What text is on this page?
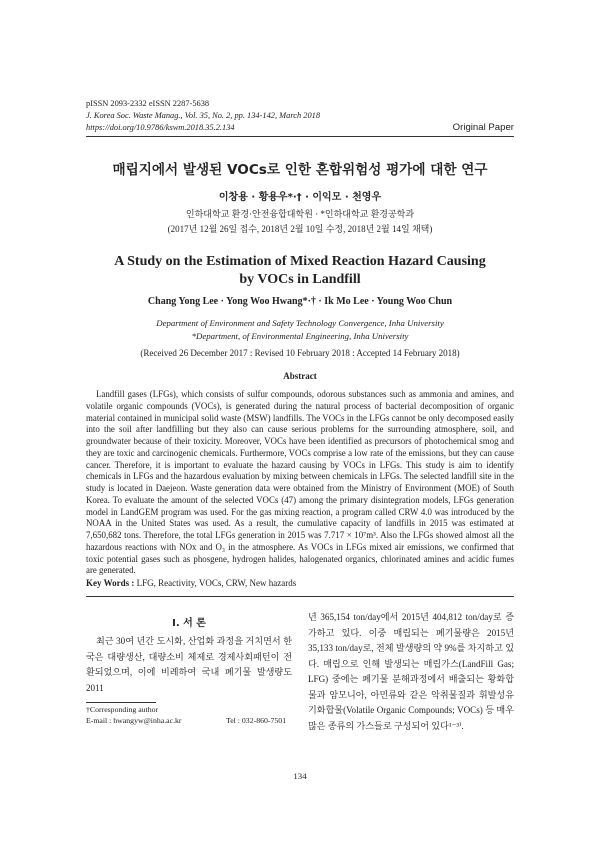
pISSN 2093-2332 eISSN 2287-5638
J. Korea Soc. Waste Manag., Vol. 35, No. 2, pp. 134-142, March 2018
https://doi.org/10.9786/kswm.2018.35.2.134	Original Paper
매립지에서 발생된 VOCs로 인한 혼합위험성 평가에 대한 연구
이창용 · 황용우*·† · 이익모 · 천영우
인하대학교 환경·안전융합대학원 · *인하대학교 환경공학과
(2017년 12월 26일 접수, 2018년 2월 10일 수정, 2018년 2월 14일 채택)
A Study on the Estimation of Mixed Reaction Hazard Causing
by VOCs in Landfill
Chang Yong Lee · Yong Woo Hwang*·† · Ik Mo Lee · Young Woo Chun
Department of Environment and Safety Technology Convergence, Inha University
*Department, of Environmental Engineering, Inha University
(Received 26 December 2017 : Revised 10 February 2018 : Accepted 14 February 2018)
Abstract

Landfill gases (LFGs), which consists of sulfur compounds, odorous substances such as ammonia and amines, and volatile organic compounds (VOCs), is generated during the natural process of bacterial decomposition of organic material contained in municipal solid waste (MSW) landfills. The VOCs in the LFGs cannot be only decomposed easily into the soil after landfilling but they also can cause serious problems for the surrounding atmosphere, soil, and groundwater because of their toxicity. Moreover, VOCs have been identified as precursors of photochemical smog and they are toxic and carcinogenic chemicals. Furthermore, VOCs comprise a low rate of the emissions, but they can cause cancer. Therefore, it is important to evaluate the hazard causing by VOCs in LFGs. This study is aim to identify chemicals in LFGs and the hazardous evaluation by mixing between chemicals in LFGs. The selected landfill site in the study is located in Daejeon. Waste generation data were obtained from the Ministry of Environment (MOE) of South Korea. To evaluate the amount of the selected VOCs (47) among the primary disintegration models, LFGs generation model in LandGEM program was used. For the gas mixing reaction, a program called CRW 4.0 was introduced by the NOAA in the United States was used. As a result, the cumulative capacity of landfills in 2015 was estimated at 7,650,682 tons. Therefore, the total LFGs generation in 2015 was 7.717 × 10⁷m³. Also the LFGs showed almost all the hazardous reactions with NOx and O₃ in the atmosphere. As VOCs in LFGs mixed air emissions, we confirmed that toxic potential gases such as phosgene, hydrogen halides, halogenated organics, chlorinated amines and acidic fumes are generated.

Key Words : LFG, Reactivity, VOCs, CRW, New hazards
I. 서 론

최근 30여 년간 도시화, 산업화 과정을 거치면서 한국은 대량생산, 대량소비 체제로 경제사회패턴이 전환되었으며, 이에 비례하여 국내 폐기물 발생량도 2011

년 365,154 ton/day에서 2015년 404,812 ton/day로 증가하고 있다. 이중 매립되는 폐기물량은 2015년 35,133 ton/day로, 전체 발생량의 약 9%를 차지하고 있다. 매립으로 인해 발생되는 매립가스(LandFill Gas; LFG) 중에는 폐기물 분해과정에서 배출되는 황화합물과 암모니아, 아민류와 같은 악취물질과 휘발성유기화합물(Volatile Organic Compounds; VOCs) 등 매우 많은 종류의 가스들로 구성되어 있다¹⁻³⁾.

†Corresponding author
E-mail : hwangyw@inha.ac.kr	Tel : 032-860-7501
134
